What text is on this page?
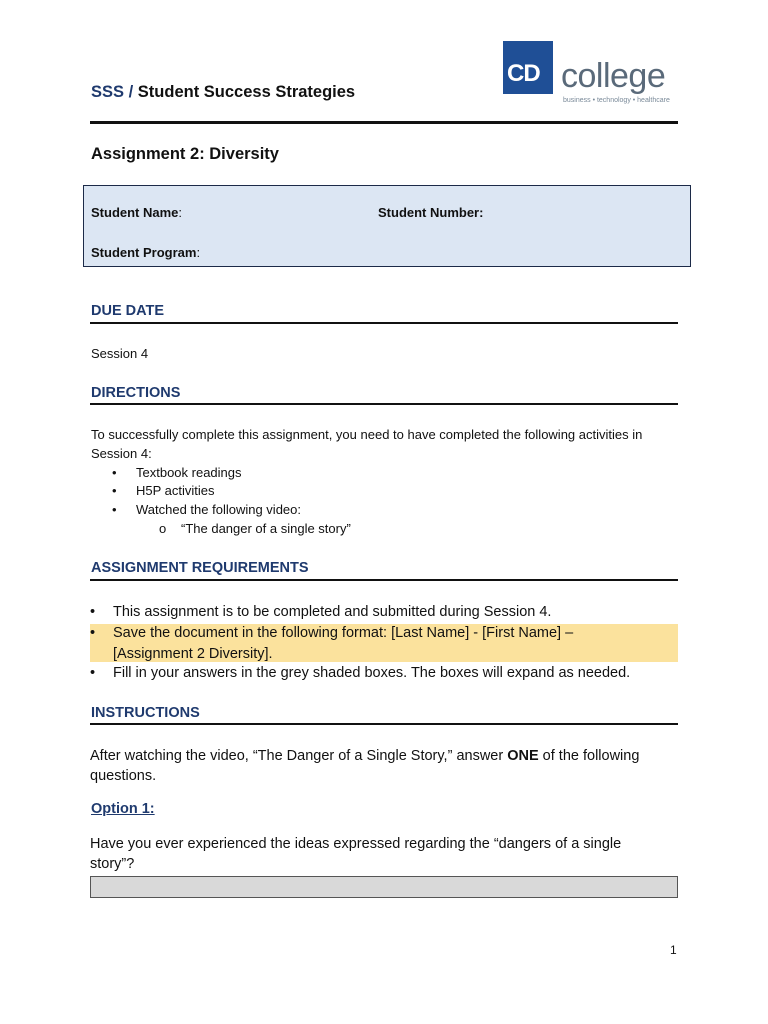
SSS / Student Success Strategies
CD college
business • technology • healthcare
Assignment 2: Diversity
Student Name:	Student Number:
Student Program:
DUE DATE
Session 4
DIRECTIONS
To successfully complete this assignment, you need to have completed the following activities in
Session 4:
• Textbook readings
• H5P activities
• Watched the following video:
o “The danger of a single story”
ASSIGNMENT REQUIREMENTS
• This assignment is to be completed and submitted during Session 4.
• Save the document in the following format: [Last Name] - [First Name] –
[Assignment 2 Diversity].
• Fill in your answers in the grey shaded boxes. The boxes will expand as needed.
INSTRUCTIONS
After watching the video, “The Danger of a Single Story,” answer ONE of the following
questions.
Option 1:
Have you ever experienced the ideas expressed regarding the “dangers of a single
story”?
1
